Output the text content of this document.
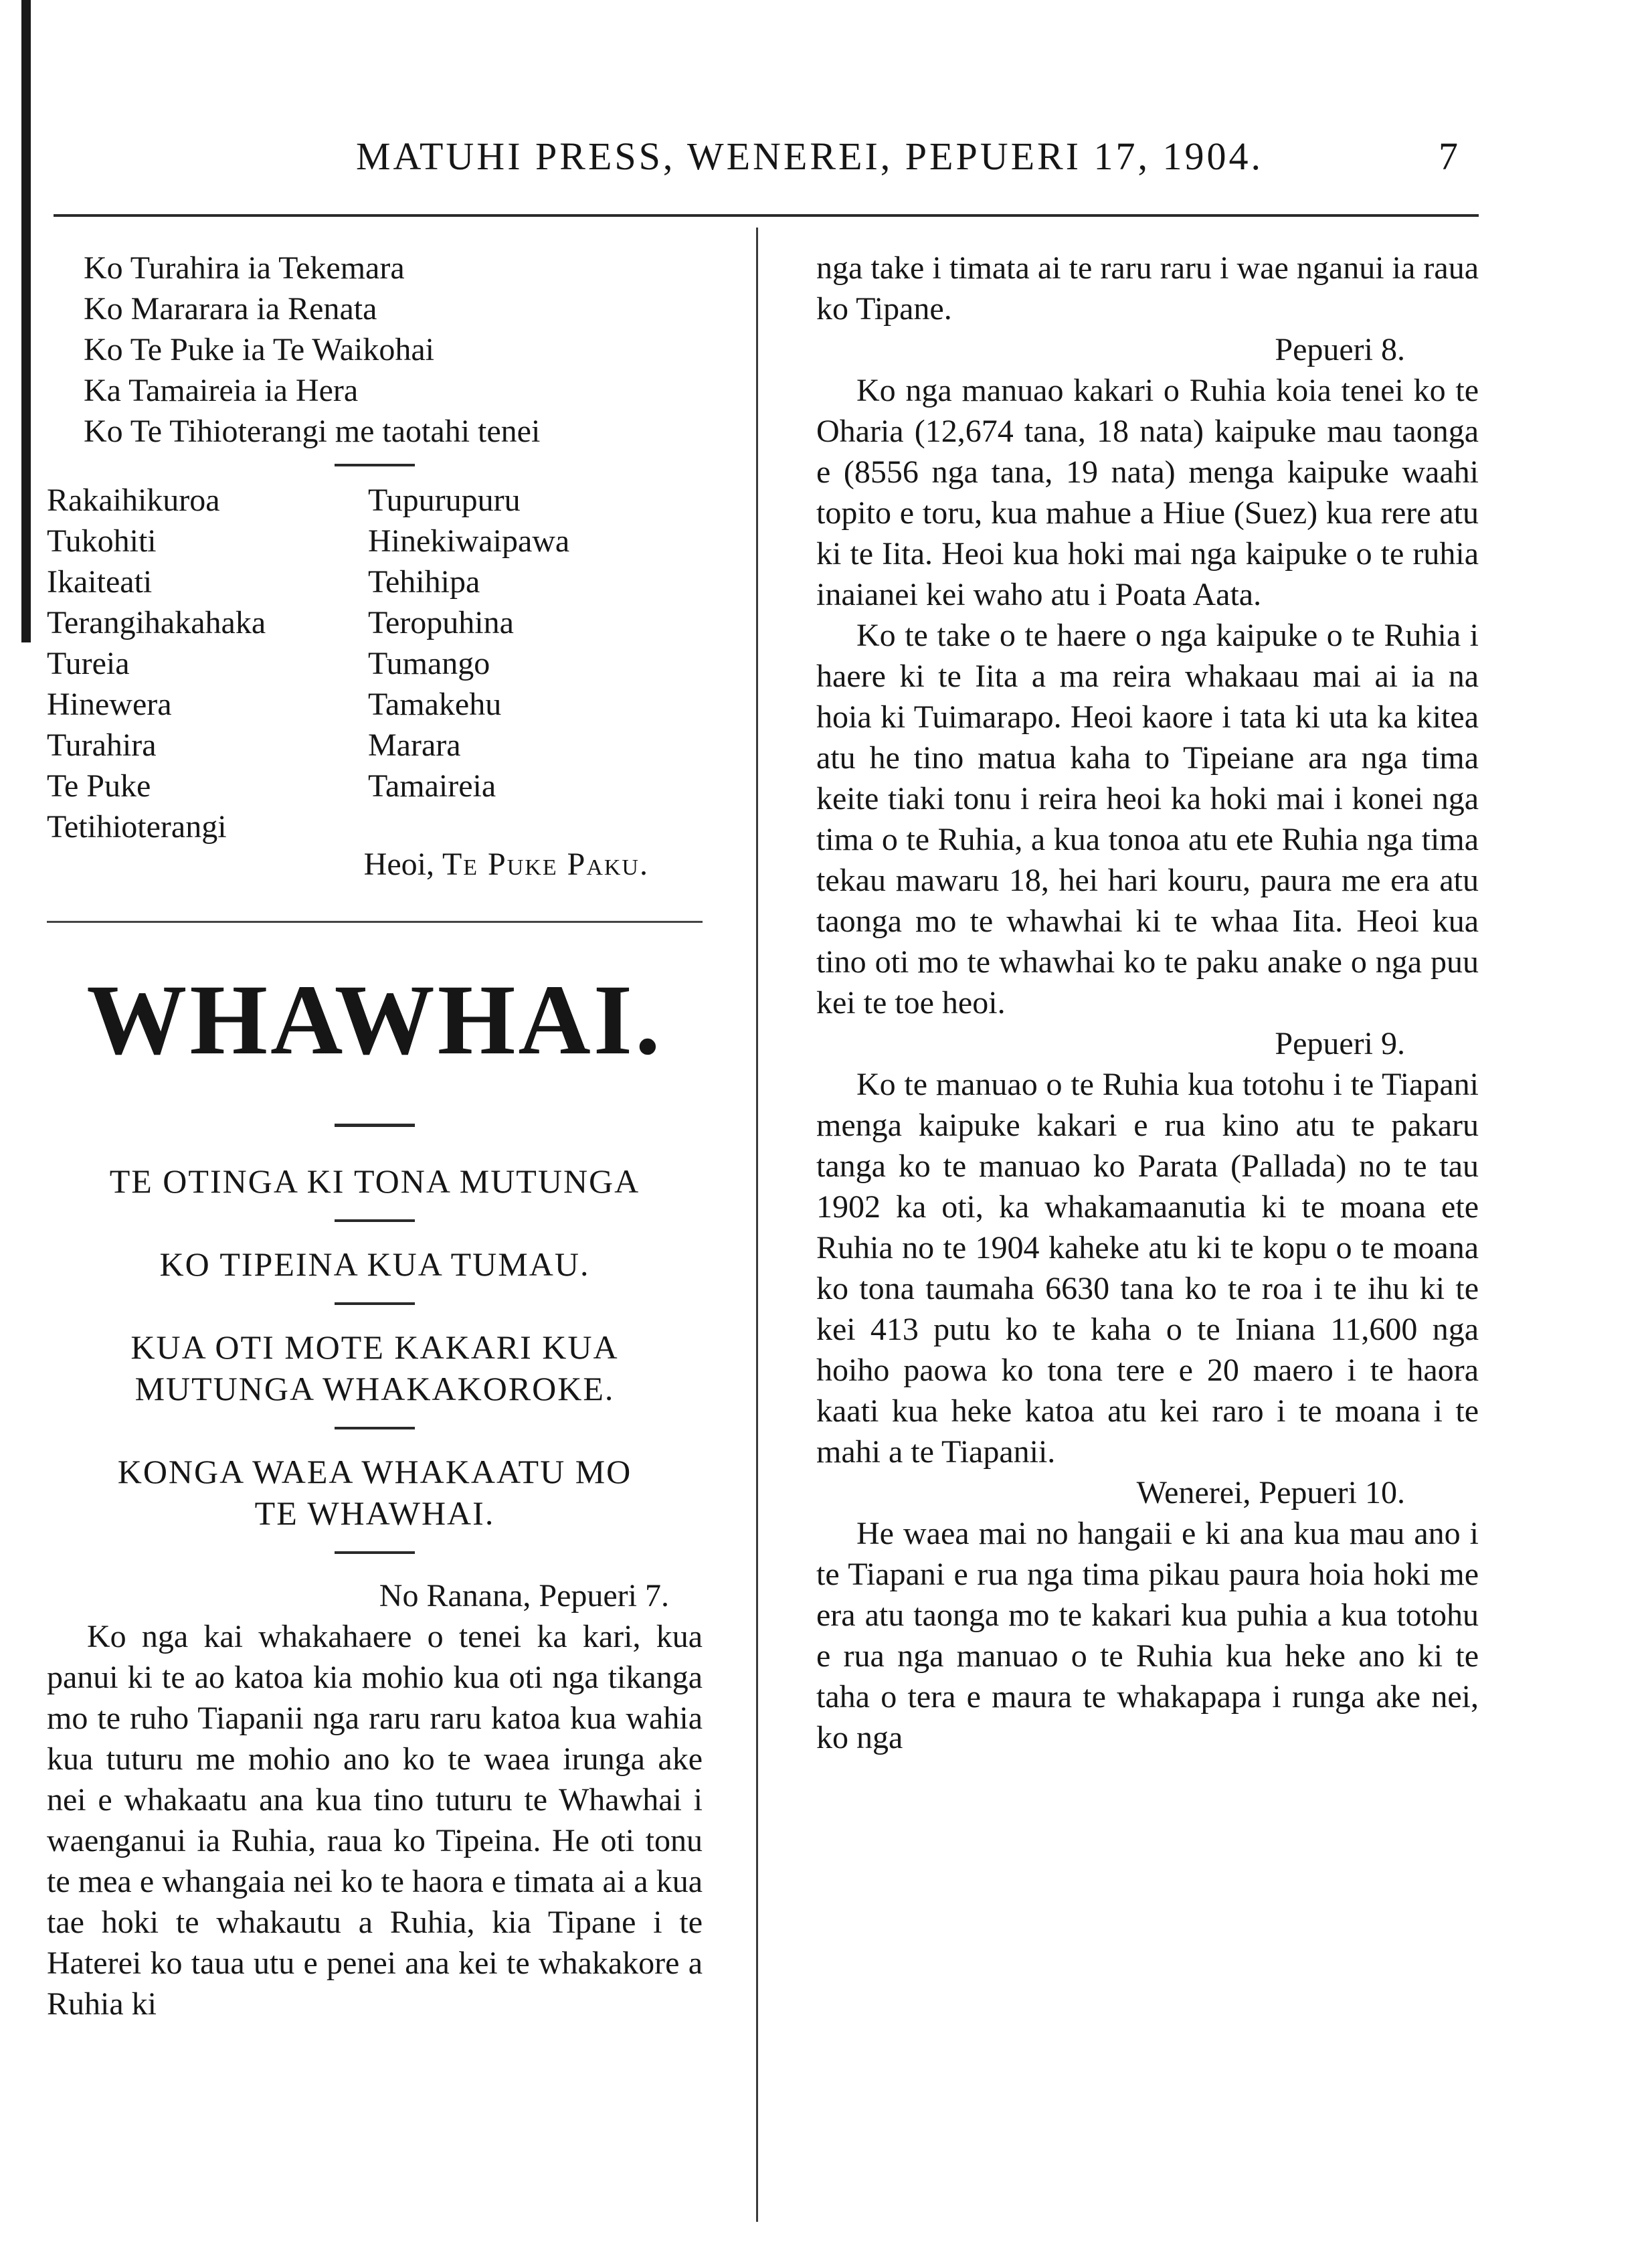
MATUHI PRESS, WENEREI, PEPUERI 17, 1904.	7
Ko Turahira ia Tekemara
Ko Mararara ia Renata
Ko Te Puke ia Te Waikohai
Ka Tamaireia ia Hera
Ko Te Tihioterangi me taotahi tenei
Rakaihikuroa
Tukohiti
Ikaiteati
Terangihakahaka
Tureia
Hinewera
Turahira
Te Puke
Tetihioterangi
Tupurupuru
Hinekiwaipawa
Tehihipa
Teropuhina
Tumango
Tamakehu
Marara
Tamaireia
Heoi, Te Puke Paku.
WHAWHAI.
TE OTINGA KI TONA MUTUNGA
KO TIPEINA KUA TUMAU.
KUA OTI MOTE KAKARI KUA
MUTUNGA WHAKAKOROKE.
KONGA WAEA WHAKAATU MO
TE WHAWHAI.
No Ranana, Pepueri 7.

Ko nga kai whakahaere o tenei ka kari, kua panui ki te ao katoa kia mohio kua oti nga tikanga mo te ruho Tiapanii nga raru raru katoa kua wahia kua tuturu me mohio ano ko te waea irunga ake nei e whakaatu ana kua tino tuturu te Whawhai i waenganui ia Ruhia, raua ko Tipeina. He oti tonu te mea e whangaia nei ko te haora e timata ai a kua tae hoki te whakautu a Ruhia, kia Tipane i te Haterei ko taua utu e penei ana kei te whakakore a Ruhia ki

nga take i timata ai te raru raru i wae nganui ia raua ko Tipane.

Pepueri 8.

Ko nga manuao kakari o Ruhia koia tenei ko te Oharia (12,674 tana, 18 nata) kaipuke mau taonga e (8556 nga tana, 19 nata) menga kaipuke waahi topito e toru, kua mahue a Hiue (Suez) kua rere atu ki te Iita. Heoi kua hoki mai nga kaipuke o te ruhia inaianei kei waho atu i Poata Aata.

Ko te take o te haere o nga kaipuke o te Ruhia i haere ki te Iita a ma reira whakaau mai ai ia na hoia ki Tuimarapo. Heoi kaore i tata ki uta ka kitea atu he tino matua kaha to Tipeiane ara nga tima keite tiaki tonu i reira heoi ka hoki mai i konei nga tima o te Ruhia, a kua tonoa atu ete Ruhia nga tima tekau mawaru 18, hei hari kouru, paura me era atu taonga mo te whawhai ki te whaa Iita. Heoi kua tino oti mo te whawhai ko te paku anake o nga puu kei te toe heoi.

Pepueri 9.

Ko te manuao o te Ruhia kua totohu i te Tiapani menga kaipuke kakari e rua kino atu te pakaru tanga ko te manuao ko Parata (Pallada) no te tau 1902 ka oti, ka whakamaanutia ki te moana ete Ruhia no te 1904 kaheke atu ki te kopu o te moana ko tona taumaha 6630 tana ko te roa i te ihu ki te kei 413 putu ko te kaha o te Iniana 11,600 nga hoiho paowa ko tona tere e 20 maero i te haora kaati kua heke katoa atu kei raro i te moana i te mahi a te Tiapanii.

Wenerei, Pepueri 10.

He waea mai no hangaii e ki ana kua mau ano i te Tiapani e rua nga tima pikau paura hoia hoki me era atu taonga mo te kakari kua puhia a kua totohu e rua nga manuao o te Ruhia kua heke ano ki te taha o tera e maura te whakapapa i runga ake nei, ko nga
